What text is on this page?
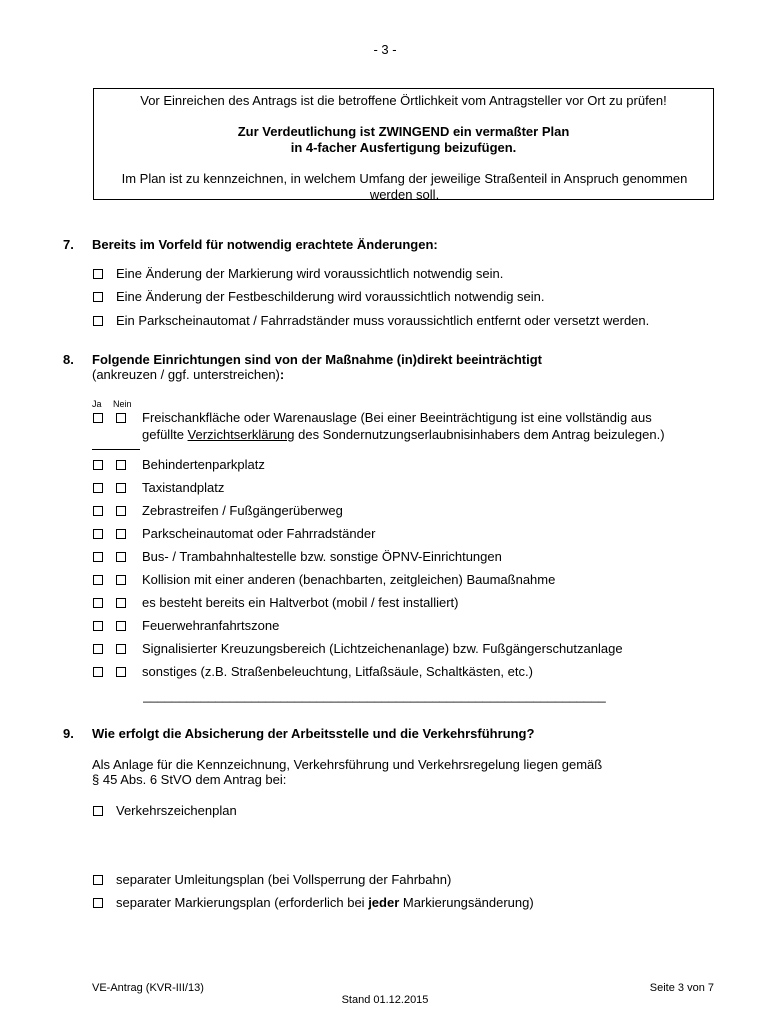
- 3 -
Vor Einreichen des Antrags ist die betroffene Örtlichkeit vom Antragsteller vor Ort zu prüfen!
Zur Verdeutlichung ist ZWINGEND ein vermaßter Plan
in 4-facher Ausfertigung beizufügen.
Im Plan ist zu kennzeichnen, in welchem Umfang der jeweilige Straßenteil in Anspruch genommen werden soll.
7. Bereits im Vorfeld für notwendig erachtete Änderungen:
Eine Änderung der Markierung wird voraussichtlich notwendig sein.
Eine Änderung der Festbeschilderung wird voraussichtlich notwendig sein.
Ein Parkscheinautomat / Fahrradständer muss voraussichtlich entfernt oder versetzt werden.
8. Folgende Einrichtungen sind von der Maßnahme (in)direkt beeinträchtigt
(ankreuzen / ggf. unterstreichen):
Ja Nein
Freischankfläche oder Warenauslage (Bei einer Beeinträchtigung ist eine vollständig aus
gefüllte Verzichtserklärung des Sondernutzungserlaubnisinhabers dem Antrag beizulegen.)
Behindertenparkplatz
Taxistandplatz
Zebrastreifen / Fußgängerüberweg
Parkscheinautomat oder Fahrradständer
Bus- / Trambahnhaltestelle bzw. sonstige ÖPNV-Einrichtungen
Kollision mit einer anderen (benachbarten, zeitgleichen) Baumaßnahme
es besteht bereits ein Haltverbot (mobil / fest installiert)
Feuerwehranfahrtszone
Signalisierter Kreuzungsbereich (Lichtzeichenanlage) bzw. Fußgängerschutzanlage
sonstiges (z.B. Straßenbeleuchtung, Litfaßsäule, Schaltkästen, etc.)
________________________________________________________________
9. Wie erfolgt die Absicherung der Arbeitsstelle und die Verkehrsführung?
Als Anlage für die Kennzeichnung, Verkehrsführung und Verkehrsregelung liegen gemäß
§ 45 Abs. 6 StVO dem Antrag bei:
Verkehrszeichenplan
separater Umleitungsplan (bei Vollsperrung der Fahrbahn)
separater Markierungsplan (erforderlich bei jeder Markierungsänderung)
VE-Antrag (KVR-III/13)	Seite 3 von 7
Stand 01.12.2015
